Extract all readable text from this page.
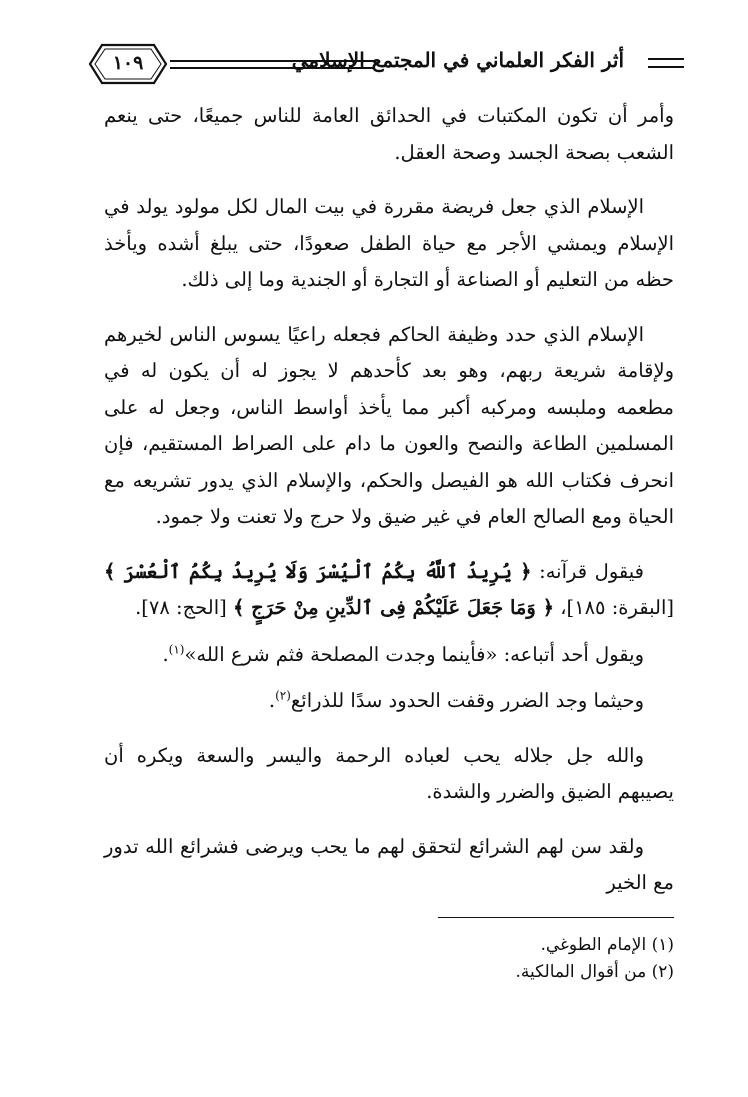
أثر الفكر العلماني في المجتمع الإسلامي
١٠٩

وأمر أن تكون المكتبات في الحدائق العامة للناس جميعًا، حتى ينعم الشعب بصحة الجسد وصحة العقل.

الإسلام الذي جعل فريضة مقررة في بيت المال لكل مولود يولد في الإسلام ويمشي الأجر مع حياة الطفل صعودًا، حتى يبلغ أشده ويأخذ حظه من التعليم أو الصناعة أو التجارة أو الجندية وما إلى ذلك.

الإسلام الذي حدد وظيفة الحاكم فجعله راعيًا يسوس الناس لخيرهم ولإقامة شريعة ربهم، وهو بعد كأحدهم لا يجوز له أن يكون له في مطعمه وملبسه ومركبه أكبر مما يأخذ أواسط الناس، وجعل له على المسلمين الطاعة والنصح والعون ما دام على الصراط المستقيم، فإن انحرف فكتاب الله هو الفيصل والحكم، والإسلام الذي يدور تشريعه مع الحياة ومع الصالح العام في غير ضيق ولا حرج ولا تعنت ولا جمود.

فيقول قرآنه: ﴿ يُرِيدُ ٱللَّهُ بِكُمُ ٱلْيُسْرَ وَلَا يُرِيدُ بِكُمُ ٱلْعُسْرَ ﴾ [البقرة: ١٨٥]، ﴿ وَمَا جَعَلَ عَلَيْكُمْ فِى ٱلدِّينِ مِنْ حَرَجٍ ﴾ [الحج: ٧٨].

ويقول أحد أتباعه: «فأينما وجدت المصلحة فثم شرع الله»$^{(١)}$.

وحيثما وجد الضرر وقفت الحدود سدًا للذرائع$^{(٢)}$.

والله جل جلاله يحب لعباده الرحمة واليسر والسعة ويكره أن يصيبهم الضيق والضرر والشدة.

ولقد سن لهم الشرائع لتحقق لهم ما يحب ويرضى فشرائع الله تدور مع الخير

(١) الإمام الطوغي.

(٢) من أقوال المالكية.
